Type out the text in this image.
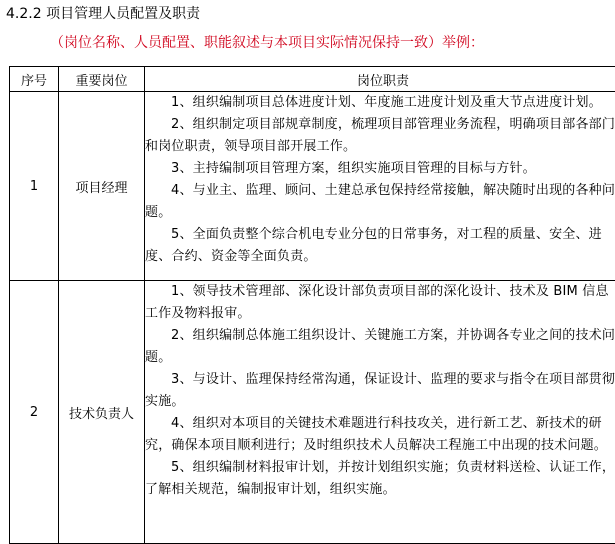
4.2.2 项目管理人员配置及职责
（岗位名称、人员配置、职能叙述与本项目实际情况保持一致）举例：
序号	重要岗位	岗位职责
1	项目经理	1、组织编制项目总体进度计划、年度施工进度计划及重大节点进度计划。
2、组织制定项目部规章制度，梳理项目部管理业务流程，明确项目部各部门和岗位职责，领导项目部开展工作。
3、主持编制项目管理方案，组织实施项目管理的目标与方针。
4、与业主、监理、顾问、土建总承包保持经常接触，解决随时出现的各种问题。
5、全面负责整个综合机电专业分包的日常事务，对工程的质量、安全、进度、合约、资金等全面负责。

2	技术负责人	1、领导技术管理部、深化设计部负责项目部的深化设计、技术及 BIM 信息工作及物料报审。
2、组织编制总体施工组织设计、关键施工方案，并协调各专业之间的技术问题。
3、与设计、监理保持经常沟通，保证设计、监理的要求与指令在项目部贯彻实施。
4、组织对本项目的关键技术难题进行科技攻关，进行新工艺、新技术的研究，确保本项目顺利进行；及时组织技术人员解决工程施工中出现的技术问题。
5、组织编制材料报审计划，并按计划组织实施；负责材料送检、认证工作，了解相关规范，编制报审计划，组织实施。
